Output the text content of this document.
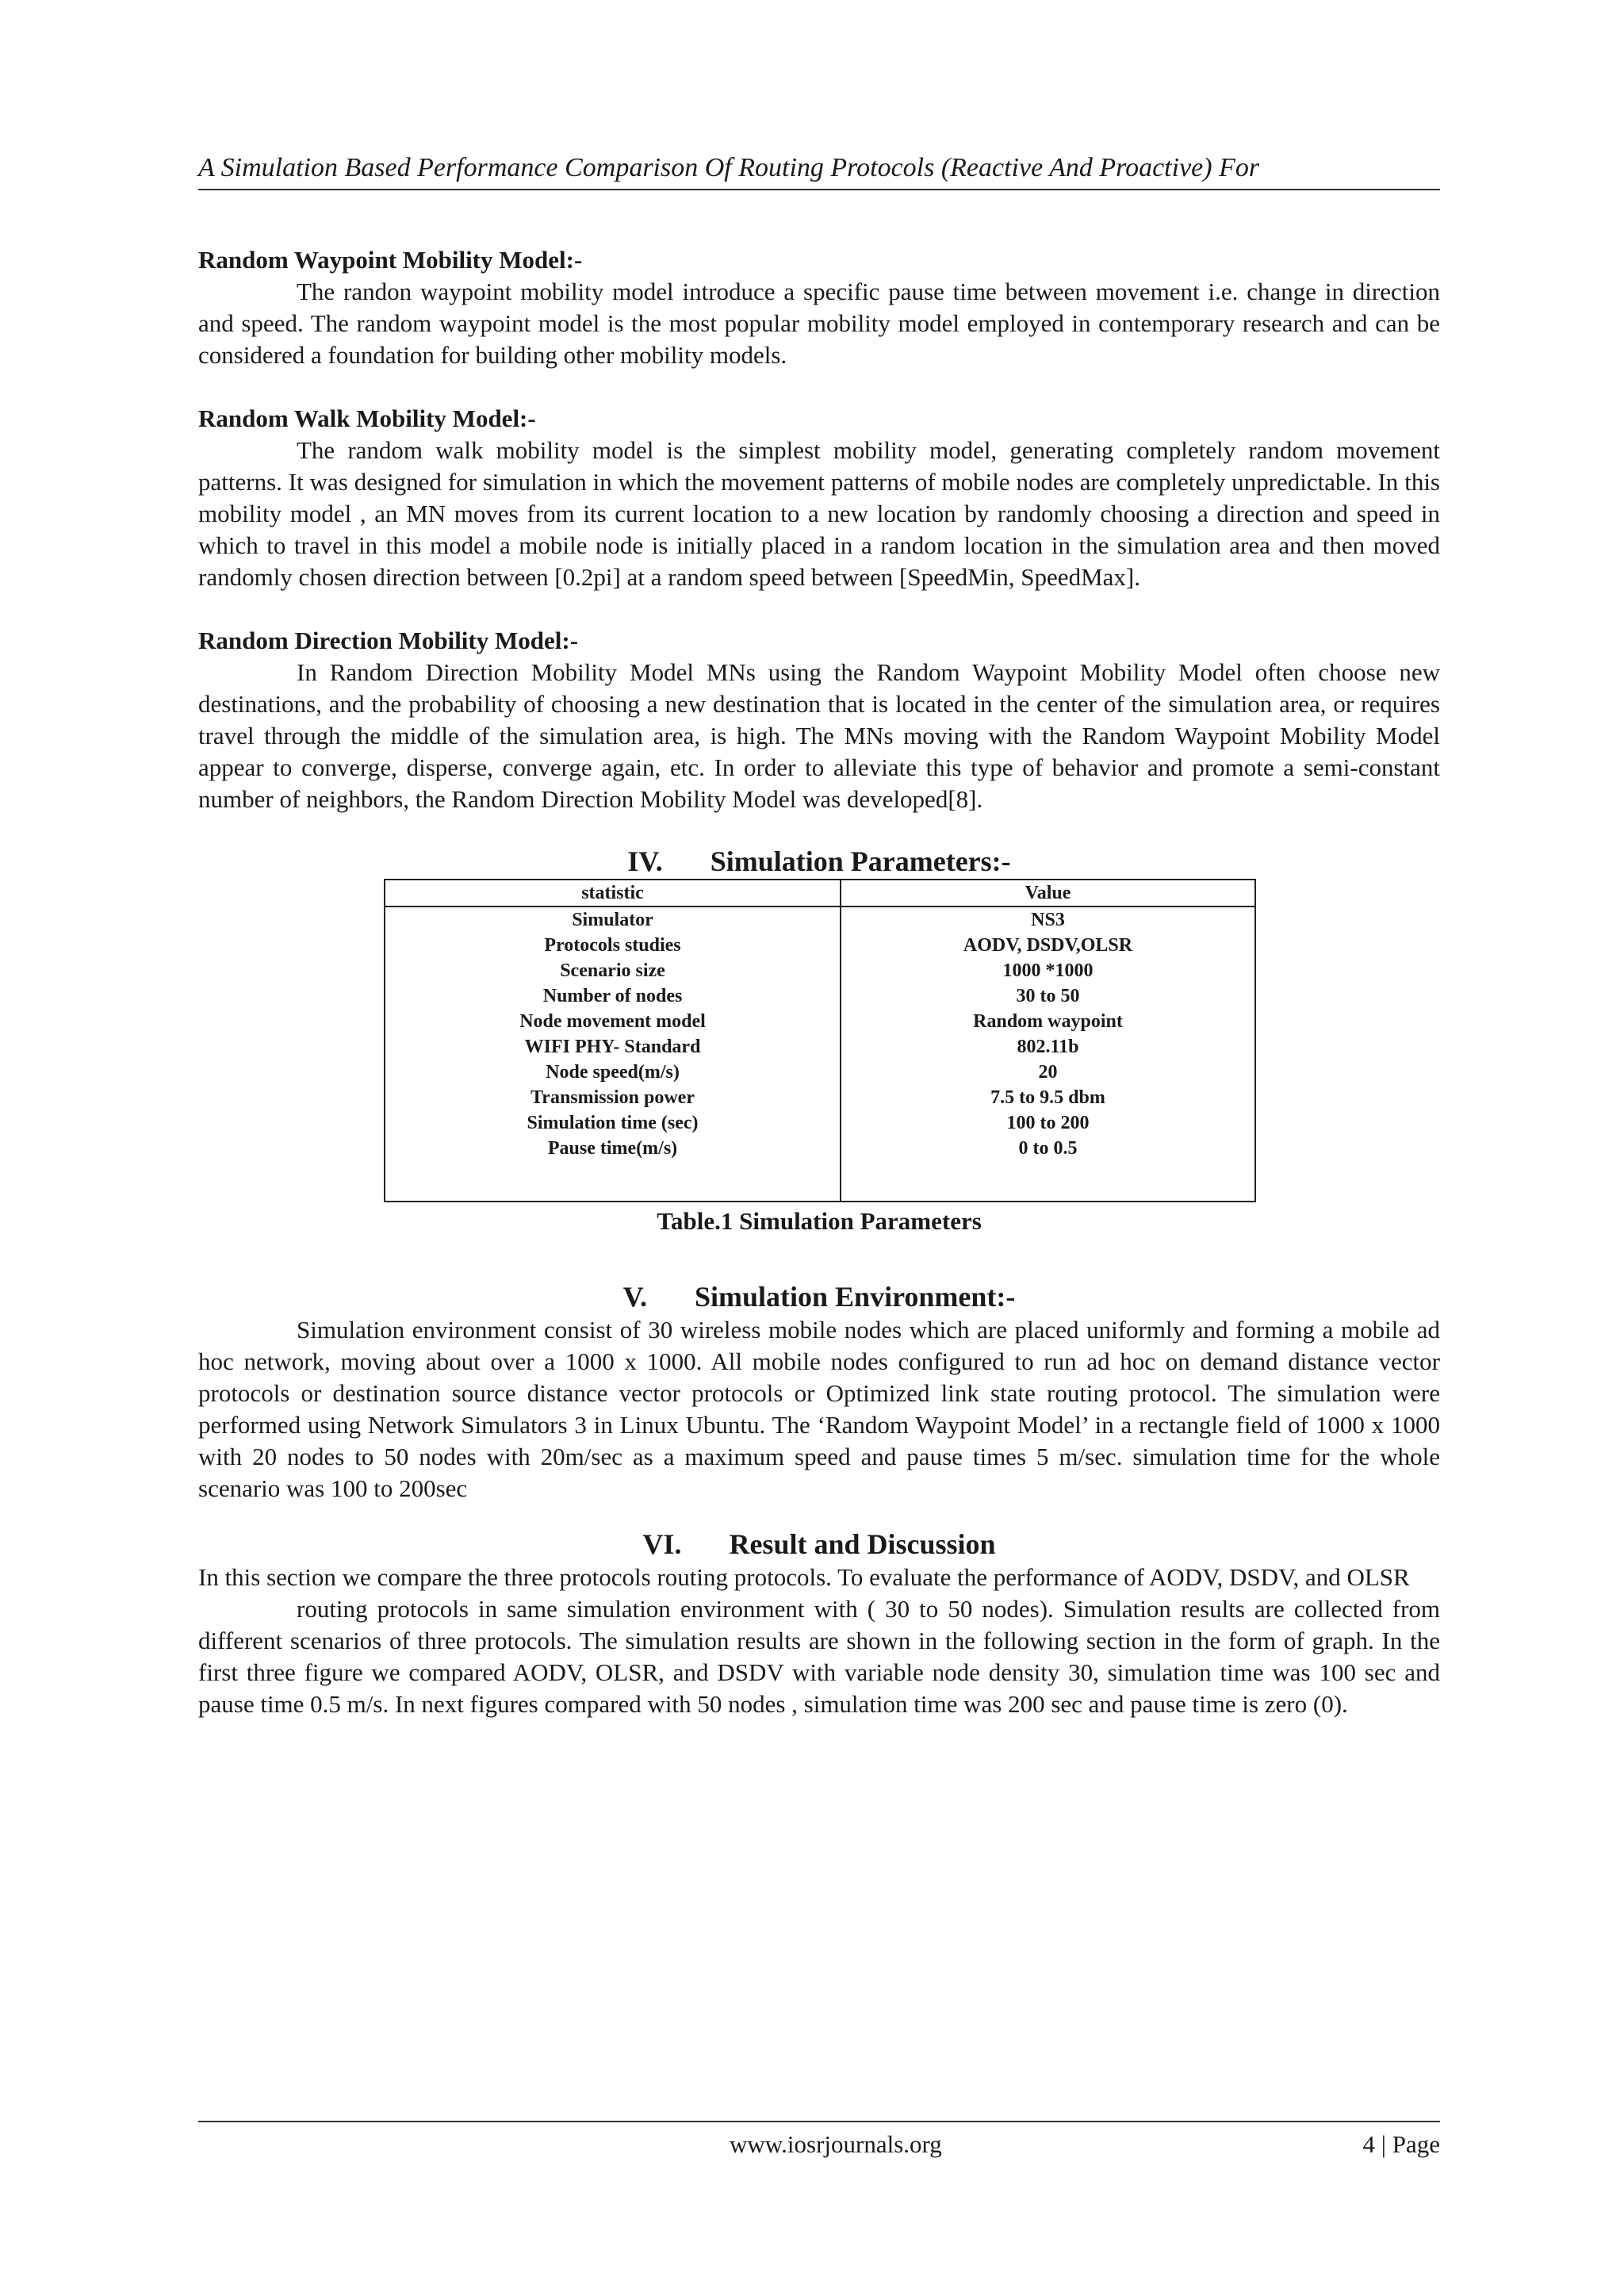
A Simulation Based Performance Comparison Of Routing Protocols (Reactive And Proactive) For

Random Waypoint Mobility Model:-

The randon waypoint mobility model introduce a specific pause time between movement i.e. change in direction and speed. The random waypoint model is the most popular mobility model employed in contemporary research and can be considered a foundation for building other mobility models.

Random Walk Mobility Model:-

The random walk mobility model is the simplest mobility model, generating completely random movement patterns. It was designed for simulation in which the movement patterns of mobile nodes are completely unpredictable. In this mobility model , an MN moves from its current location to a new location by randomly choosing a direction and speed in which to travel in this model a mobile node is initially placed in a random location in the simulation area and then moved randomly chosen direction between [0.2pi] at a random speed between [SpeedMin, SpeedMax].

Random Direction Mobility Model:-

In Random Direction Mobility Model MNs using the Random Waypoint Mobility Model often choose new destinations, and the probability of choosing a new destination that is located in the center of the simulation area, or requires travel through the middle of the simulation area, is high. The MNs moving with the Random Waypoint Mobility Model appear to converge, disperse, converge again, etc. In order to alleviate this type of behavior and promote a semi-constant number of neighbors, the Random Direction Mobility Model was developed[8].

IV. Simulation Parameters:-

statistic	Value
Simulator	NS3
Protocols studies	AODV, DSDV,OLSR
Scenario size	1000 *1000
Number of nodes	30 to 50
Node movement model	Random waypoint
WIFI PHY- Standard	802.11b
Node speed(m/s)	20
Transmission power	7.5 to 9.5 dbm
Simulation time (sec)	100 to 200
Pause time(m/s)	0 to 0.5

Table.1 Simulation Parameters

V. Simulation Environment:-

Simulation environment consist of 30 wireless mobile nodes which are placed uniformly and forming a mobile ad hoc network, moving about over a 1000 x 1000. All mobile nodes configured to run ad hoc on demand distance vector protocols or destination source distance vector protocols or Optimized link state routing protocol. The simulation were performed using Network Simulators 3 in Linux Ubuntu. The ‘Random Waypoint Model’ in a rectangle field of 1000 x 1000 with 20 nodes to 50 nodes with 20m/sec as a maximum speed and pause times 5 m/sec. simulation time for the whole scenario was 100 to 200sec

VI. Result and Discussion

In this section we compare the three protocols routing protocols. To evaluate the performance of AODV, DSDV, and OLSR

routing protocols in same simulation environment with ( 30 to 50 nodes). Simulation results are collected from different scenarios of three protocols. The simulation results are shown in the following section in the form of graph. In the first three figure we compared AODV, OLSR, and DSDV with variable node density 30, simulation time was 100 sec and pause time 0.5 m/s. In next figures compared with 50 nodes , simulation time was 200 sec and pause time is zero (0).

www.iosrjournals.org	4 | Page
